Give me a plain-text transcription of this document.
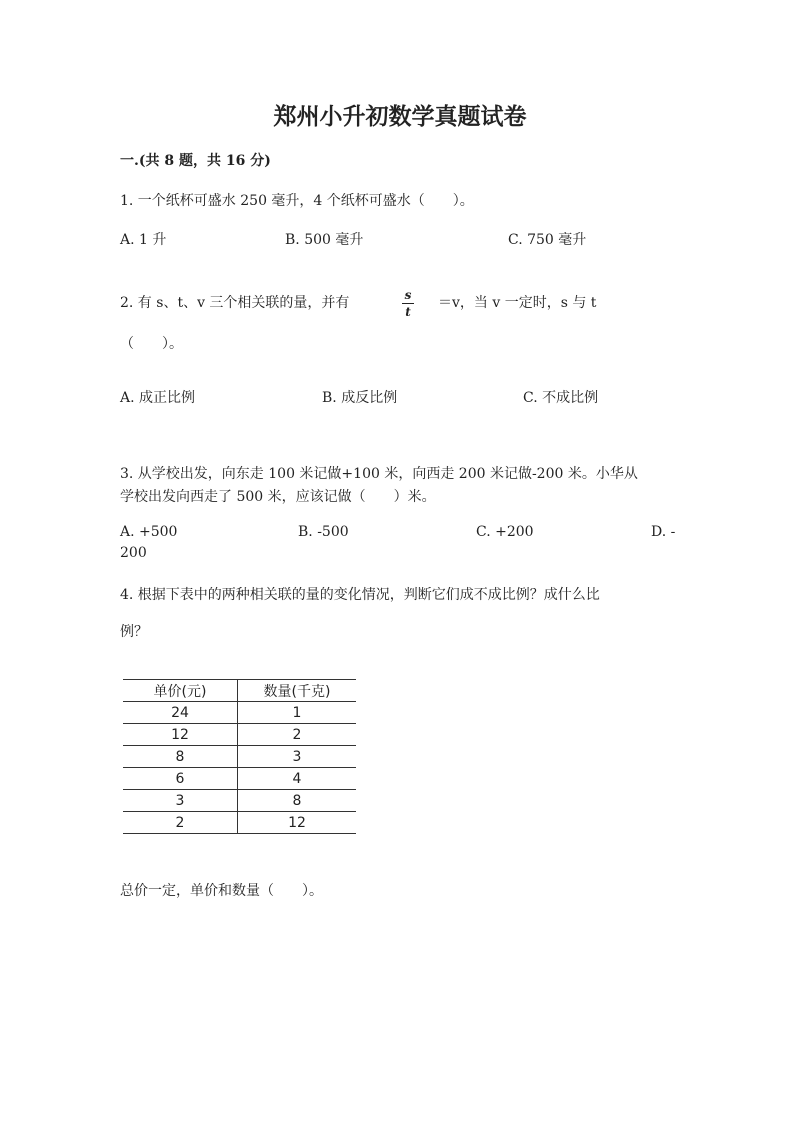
郑州小升初数学真题试卷
一.(共 8 题，共 16 分)
1. 一个纸杯可盛水 250 毫升，4 个纸杯可盛水（　　）。
A. 1 升	B. 500 毫升	C. 750 毫升
2. 有 s、t、v 三个相关联的量，并有	s
t
＝v，当 v 一定时，s 与 t
（　　）。
A. 成正比例	B. 成反比例	C. 不成比例
3. 从学校出发，向东走 100 米记做+100 米，向西走 200 米记做-200 米。小华从
学校出发向西走了 500 米，应该记做（　　）米。
A. +500	B. -500	C. +200	D. -
200
4. 根据下表中的两种相关联的量的变化情况，判断它们成不成比例？成什么比
例？
单价(元)	数量(千克)
24	1
12	2
8	3
6	4
3	8
2	12
总价一定，单价和数量（　　）。
